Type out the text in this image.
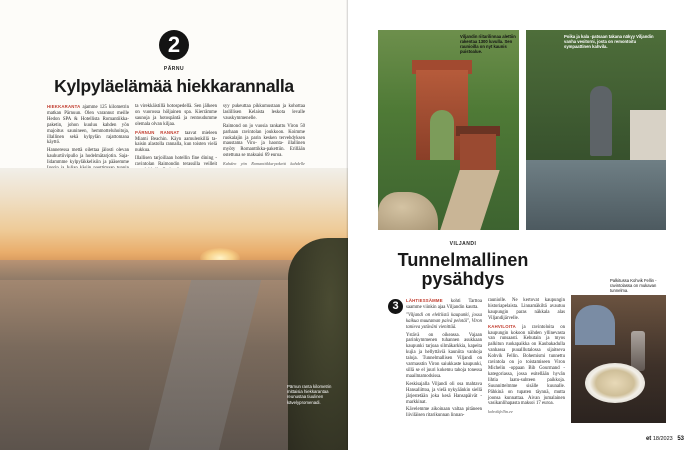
2
PÄRNU
Kylpyläelämää hiekkarannalla

HIEKKARANTA ajamme 125 kilometrin matkan Pärnuun. Olen varannut meille Hedon SPA & Hotellista Romantiikka-paketin, johon kuuluu kahden yön majoitus saunineen, hemmotteluhoitoja, illallinen sekä kylpylän rajattomana käyttö.

Hanneressa mettä oilettaa jälosti olevan kauhurtiivipullo ja hodelmätarjotin. Sajalidammme kylpyläkkelisiin ja pääsemme

ta virekkäistillä hotospedellä. Sen jälkeen on vuorossa höljainen spa. Kierrämme saunoja ja hotospäntä ja rentoudumme olemala olvan kiljaa.

PÄRNUN RANNAT taavat mieleen Miami Beachin. Käyn aamulenkillä takaisin alastolla rannalla, kun toisten vielä nukkua.

Illallisen tarjoillaan hotellin fine dining -ravintolan Raimondin terassilla veilleit

syy pukeuttaa pikkumustaan ja kohottaa laslillisen Kelaista leskota levalle vauskymmenelle.

Raimond on jo vuosia rankattu Viron 50 parhaan ravintolan joukkoon. Koimme ruokalajin ja parin kesken tervehdyksen maustama Viro- ja haonta- illallinen myöty Romanttikka-pakettiin. Erillään ostettuna se maksaisi 69 euroa.

Kahden yön Romanttikka-paketti kahdelle

Pärnun ranta kilometrin mittaisia hiekkarantaa reunustaa tiuulinen kävelypromenadi.
Viljandin riitarilinnaa alettiin rakentaa 1300 luvulla. Sen raunioilla on nyt kaunis puistoalue.
Poika ja kala -patsaan takana näkyy Viljandin vanha vesitorni, josta on remontoitu sympaattinen kahvila.
VILJANDI
Tunnelmallinen
pysähdys
3	LÄHTIESSÄMME kohti Tarttoa saamme viinkin ajaa Viljandin kautta.

"Viljandi on eleltiistä kaupunki, jossa kaikua muutaman paivä pelotäi", Viron tanieva ystäväni vienittää.

Ystävä on oikeassa. Vajaan parinkymmenen tuhannen asukkaan kaupunki tarjoaa silmäkarkkia, kapeita kujia ja hellyttäviä kauniita vanhoja taloja. Tunnelmallisen Viljandi on varmasstin Viron saiukkaste kaupunki, sillä se el juuri kokemu tahoja tonessa maailmamodsissa.

Keskisajalla Viljandi oli osa mahtava Hansaliittoa, ja vielä nykyäänkin siellä järjestetään joka kesä Hansapäivät -markkinat.

Kävelemme aikoinaan valtaa pitäneen liiviläisen ritarikunnan linnan-

rauniolle. Ne kertovat kaupungin historiapelaista. Linnamäkiltä avautuu kaupungin paras näkkala alas Viljandijärvelle.

KAHVILOITA ja ravintoloita on kaupungin kokoon nähden yllinevasta van runsaasti. Kehutain ja myos palkitun ruokapaikka on Kaubakadulla vanhassa puualllutalossa sijaitseva Kohvik Fellin. Bohemismi tunnettu ravintola on jo toistamiseen Viron Michelin -oppaan Bib Gourmand -kategoriassa, jossa esitellään hyvän lihtia laatu-suhteen paikkoja. Suunnittelmme sisälle kuunalle. Pähkinä on tupaten täynnä, mutta joonsa kunnattaa. Aivan jumalainen vasikanlihapasta maksoi 17 euroa.

kohvikfellin.ee

Palkitussa Kohvik Fellin -ravintolassa on mukavan tunnelma.
et 18/2023 53
